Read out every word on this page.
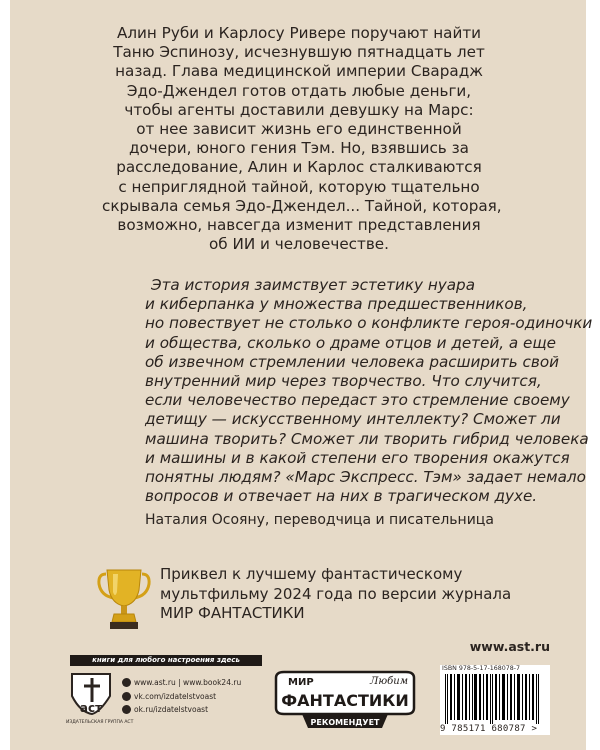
Алин Руби и Карлосу Ривере поручают найти
Таню Эспинозу, исчезнувшую пятнадцать лет
назад. Глава медицинской империи Сварадж
Эдо-Джендел готов отдать любые деньги,
чтобы агенты доставили девушку на Марс:
от нее зависит жизнь его единственной
дочери, юного гения Тэм. Но, взявшись за
расследование, Алин и Карлос сталкиваются
с неприглядной тайной, которую тщательно
скрывала семья Эдо-Джендел... Тайной, которая,
возможно, навсегда изменит представления
об ИИ и человечестве.
Эта история заимствует эстетику нуара
и киберпанка у множества предшественников,
но повествует не столько о конфликте героя-одиночки
и общества, сколько о драме отцов и детей, а еще
об извечном стремлении человека расширить свой
внутренний мир через творчество. Что случится,
если человечество передаст это стремление своему
детищу — искусственному интеллекту? Сможет ли
машина творить? Сможет ли творить гибрид человека
и машины и в какой степени его творения окажутся
понятны людям? «Марс Экспресс. Тэм» задает немало
вопросов и отвечает на них в трагическом духе.
Наталия Осояну, переводчица и писательница
Приквел к лучшему фантастическому
мультфильму 2024 года по версии журнала
МИР ФАНТАСТИКИ
www.ast.ru
книги для любого настроения здесь
аст
ИЗДАТЕЛЬСКАЯ ГРУППА АСТ
www.ast.ru | www.book24.ru
vk.com/izdatelstvoast
ok.ru/izdatelstvoast
МИР	Любим
ФАНТАСТИКИ
РЕКОМЕНДУЕТ
ISBN 978-5-17-168078-7
9 785171 680787 >
